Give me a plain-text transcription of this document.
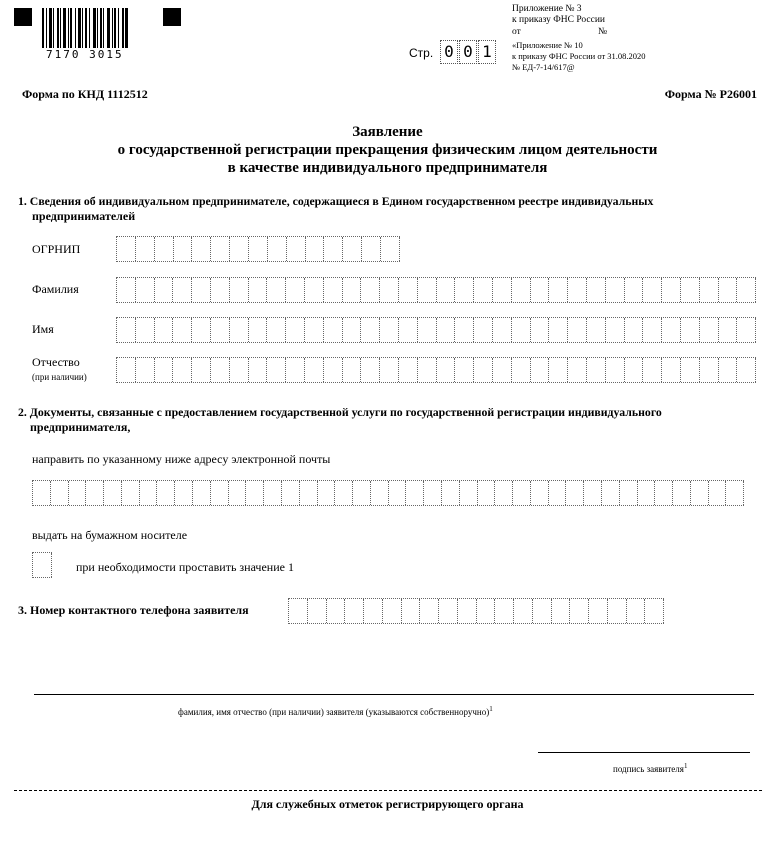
7170 3015	Стр. 0 0 1
Приложение № 3
к приказу ФНС России
от	№
«Приложение № 10
к приказу ФНС России от 31.08.2020
№ ЕД-7-14/617@
Форма по КНД 1112512	Форма № Р26001
Заявление
о государственной регистрации прекращения физическим лицом деятельности
в качестве индивидуального предпринимателя
1. Сведения об индивидуальном предпринимателе, содержащиеся в Едином государственном реестре индивидуальных
предпринимателей
ОГРНИП
Фамилия
Имя
Отчество
(при наличии)
2. Документы, связанные с предоставлением государственной услуги по государственной регистрации индивидуального
предпринимателя,
направить по указанному ниже адресу электронной почты
выдать на бумажном носителе
при необходимости проставить значение 1
3. Номер контактного телефона заявителя
фамилия, имя отчество (при наличии) заявителя (указываются собственноручно)$^1$
подпись заявителя$^1$
Для служебных отметок регистрирующего органа
